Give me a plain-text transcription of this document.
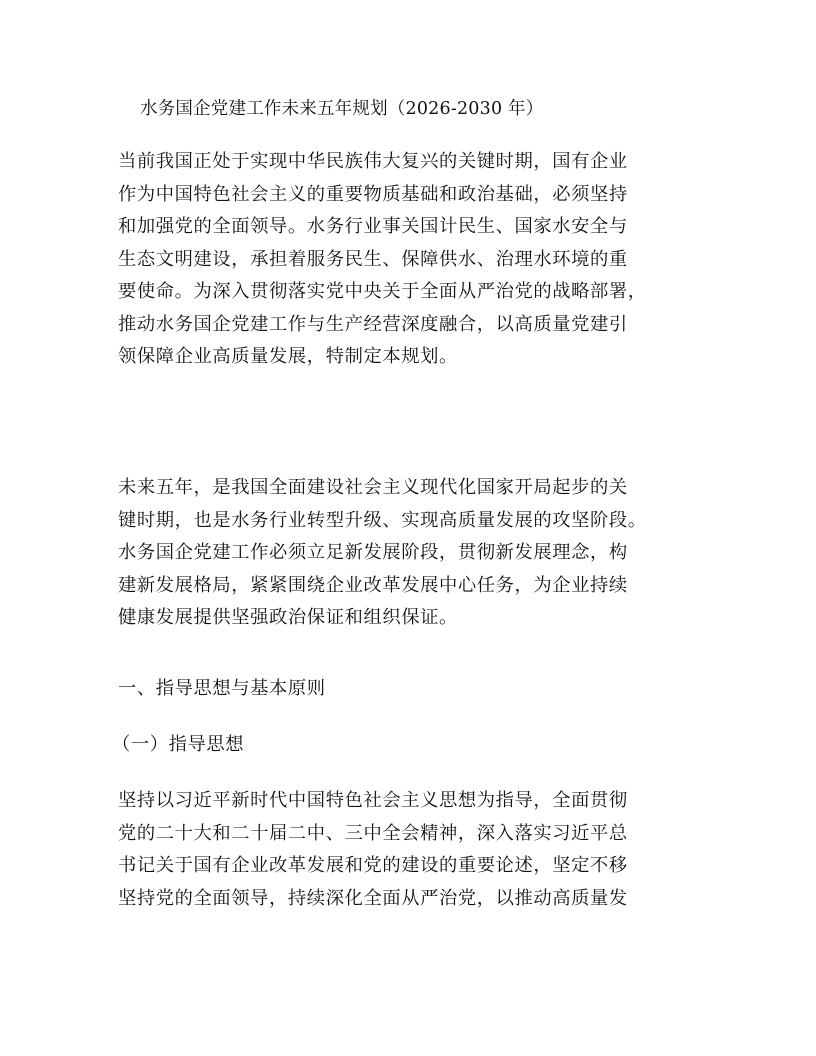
水务国企党建工作未来五年规划（2026-2030 年）
当前我国正处于实现中华民族伟大复兴的关键时期，国有企业
作为中国特色社会主义的重要物质基础和政治基础，必须坚持
和加强党的全面领导。水务行业事关国计民生、国家水安全与
生态文明建设，承担着服务民生、保障供水、治理水环境的重
要使命。为深入贯彻落实党中央关于全面从严治党的战略部署，
推动水务国企党建工作与生产经营深度融合，以高质量党建引
领保障企业高质量发展，特制定本规划。
未来五年，是我国全面建设社会主义现代化国家开局起步的关
键时期，也是水务行业转型升级、实现高质量发展的攻坚阶段。
水务国企党建工作必须立足新发展阶段，贯彻新发展理念，构
建新发展格局，紧紧围绕企业改革发展中心任务，为企业持续
健康发展提供坚强政治保证和组织保证。
一、指导思想与基本原则
（一）指导思想
坚持以习近平新时代中国特色社会主义思想为指导，全面贯彻
党的二十大和二十届二中、三中全会精神，深入落实习近平总
书记关于国有企业改革发展和党的建设的重要论述，坚定不移
坚持党的全面领导，持续深化全面从严治党，以推动高质量发
